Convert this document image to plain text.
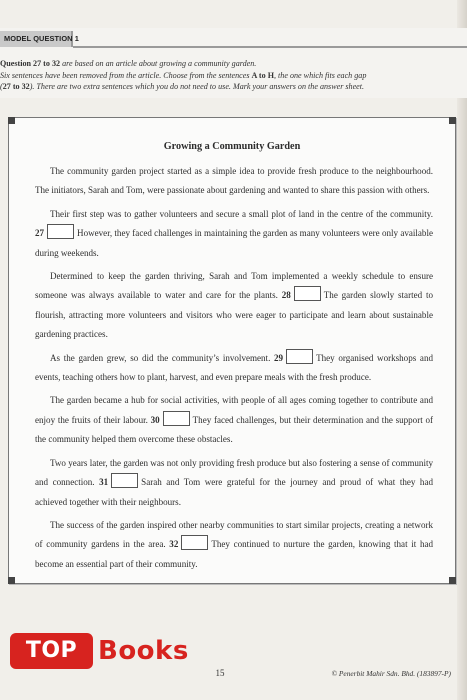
MODEL QUESTION 1

Question 27 to 32 are based on an article about growing a community garden.

Six sentences have been removed from the article. Choose from the sentences A to H, the one which fits each gap

(27 to 32). There are two extra sentences which you do not need to use. Mark your answers on the answer sheet.

Growing a Community Garden

The community garden project started as a simple idea to provide fresh produce to the neighbourhood. The initiators, Sarah and Tom, were passionate about gardening and wanted to share this passion with others.

Their first step was to gather volunteers and secure a small plot of land in the centre of the community. 27	However, they faced challenges in maintaining the garden as many volunteers were only available during weekends.

Determined to keep the garden thriving, Sarah and Tom implemented a weekly schedule to ensure someone was always available to water and care for the plants. 28	The garden slowly started to flourish, attracting more volunteers and visitors who were eager to participate and learn about sustainable gardening practices.

As the garden grew, so did the community’s involvement. 29	They organised workshops and events, teaching others how to plant, harvest, and even prepare meals with the fresh produce.

The garden became a hub for social activities, with people of all ages coming together to contribute and enjoy the fruits of their labour. 30	They faced challenges, but their determination and the support of the community helped them overcome these obstacles.

Two years later, the garden was not only providing fresh produce but also fostering a sense of community and connection. 31	Sarah and Tom were grateful for the journey and proud of what they had achieved together with their neighbours.

The success of the garden inspired other nearby communities to start similar projects, creating a network of community gardens in the area. 32	They continued to nurture the garden, knowing that it had become an essential part of their community.

TOP Books
15	© Penerbit Mahir Sdn. Bhd. (183897-P)
